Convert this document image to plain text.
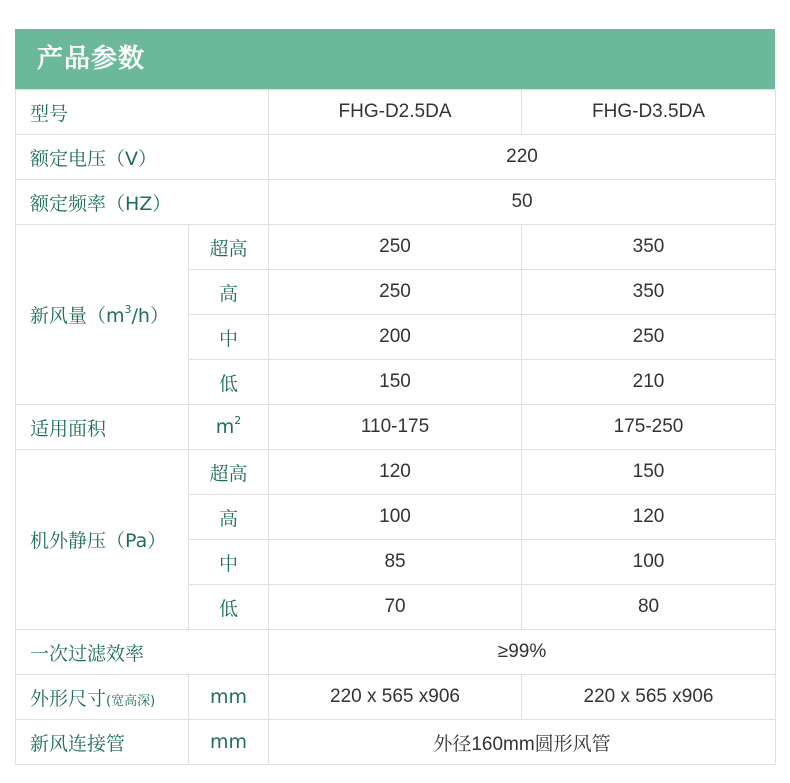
产品参数
型号		FHG-D2.5DA	FHG-D3.5DA
额定电压（V）		220	
额定频率（HZ）		50	
新风量$(m^3/h)$	超高	250	350
	高	250	350
	中	200	250
	低	150	210
适用面积	$m^2$	110-175	175-250
机外静压（Pa）	超高	120	150
	高	100	120
	中	85	100
	低	70	80
一次过滤效率		≥99%	
外形尺寸(宽高深)	mm	220 x 565 x906	220 x 565 x906
新风连接管	mm	外径160mm圆形风管	
